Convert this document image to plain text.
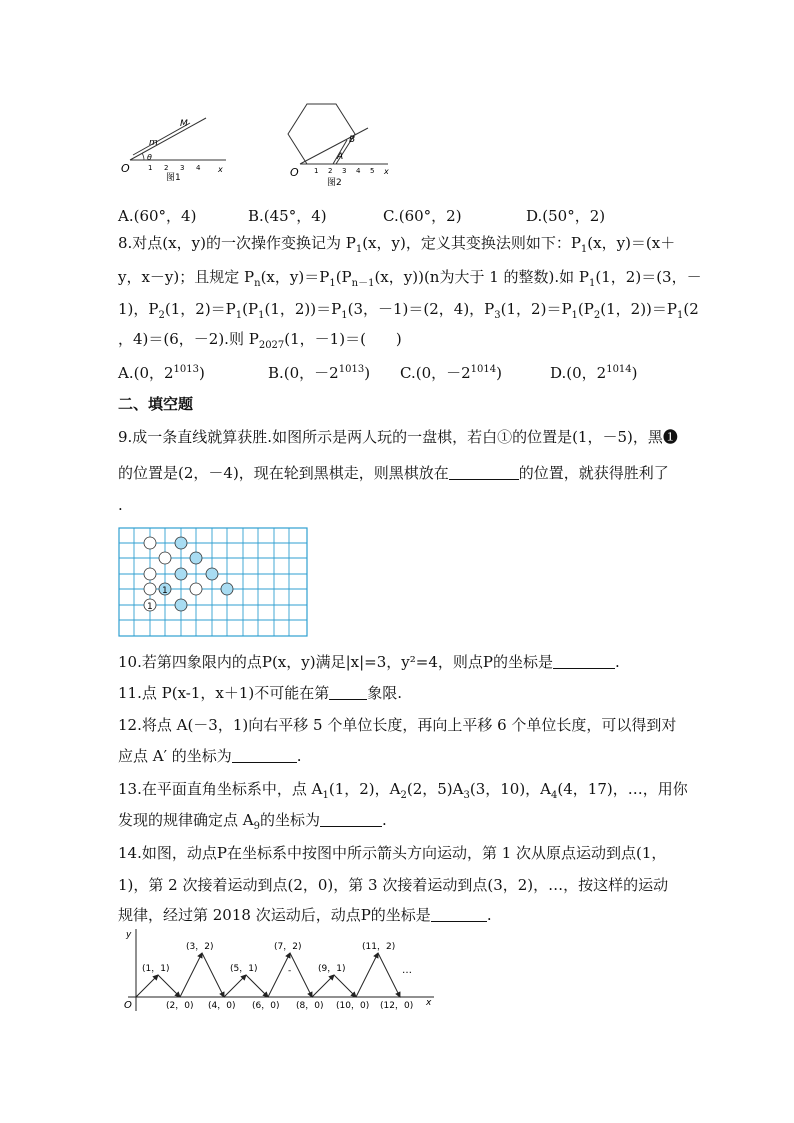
O	1 2 3 4 x
m
M
θ
图1	O 1 2 3 4 5 x
A
B
图2
A.(60°，4)	B.(45°，4)	C.(60°，2)	D.(50°，2)
8.对点(x，y)的一次操作变换记为 $P_1(x$，y)，定义其变换法则如下：$P_1(x$，y)＝(x＋
y，x－y)；且规定 $P_n(x$，$y)=P_1(P_{n-1}(x$，y))(n为大于 1 的整数).如 $P_1(1$，2)＝(3，－
1)，$P_2(1$，$2)=P_1(P_1(1$，$2))=P_1(3$，－1)＝(2，4)，$P_3(1$，$2)=P_1(P_2(1$，$2))=P_1(2$
，4)＝(6，－2).则 $P_{2027}(1$，－1)＝(　　)
A.(0，$2^{1013}$)	B.(0，$-2^{1013}$) C.(0，$-2^{1014}$)	D.(0，$2^{1014}$)
二、填空题
9.成一条直线就算获胜.如图所示是两人玩的一盘棋，若白①的位置是(1，－5)，黑❶
的位置是(2，－4)，现在轮到黑棋走，则黑棋放在	的位置，就获得胜利了
.
1
1
10.若第四象限内的点P(x，y)满足|x|=3，y²=4，则点P的坐标是	.
11.点 P(x-1，x＋1)不可能在第	象限.
12.将点 A(－3，1)向右平移 5 个单位长度，再向上平移 6 个单位长度，可以得到对
应点 A′ 的坐标为	.
13.在平面直角坐标系中，点 $A_1(1$，2)，$A_2(2$，$5)A_3(3$，10)，$A_4(4$，17)，…，用你
发现的规律确定点 $A_9$的坐标为	.
14.如图，动点P在坐标系中按图中所示箭头方向运动，第 1 次从原点运动到点(1，
1)，第 2 次接着运动到点(2，0)，第 3 次接着运动到点(3，2)，…，按这样的运动
规律，经过第 2018 次运动后，动点P的坐标是	.
y
x
O
(1，1)
(3，2)
(5，1)
(7，2)
(9，1)
(11，2)
-
(2，0) (4，0) (6，0) (8，0) (10，0) (12，0)
…
